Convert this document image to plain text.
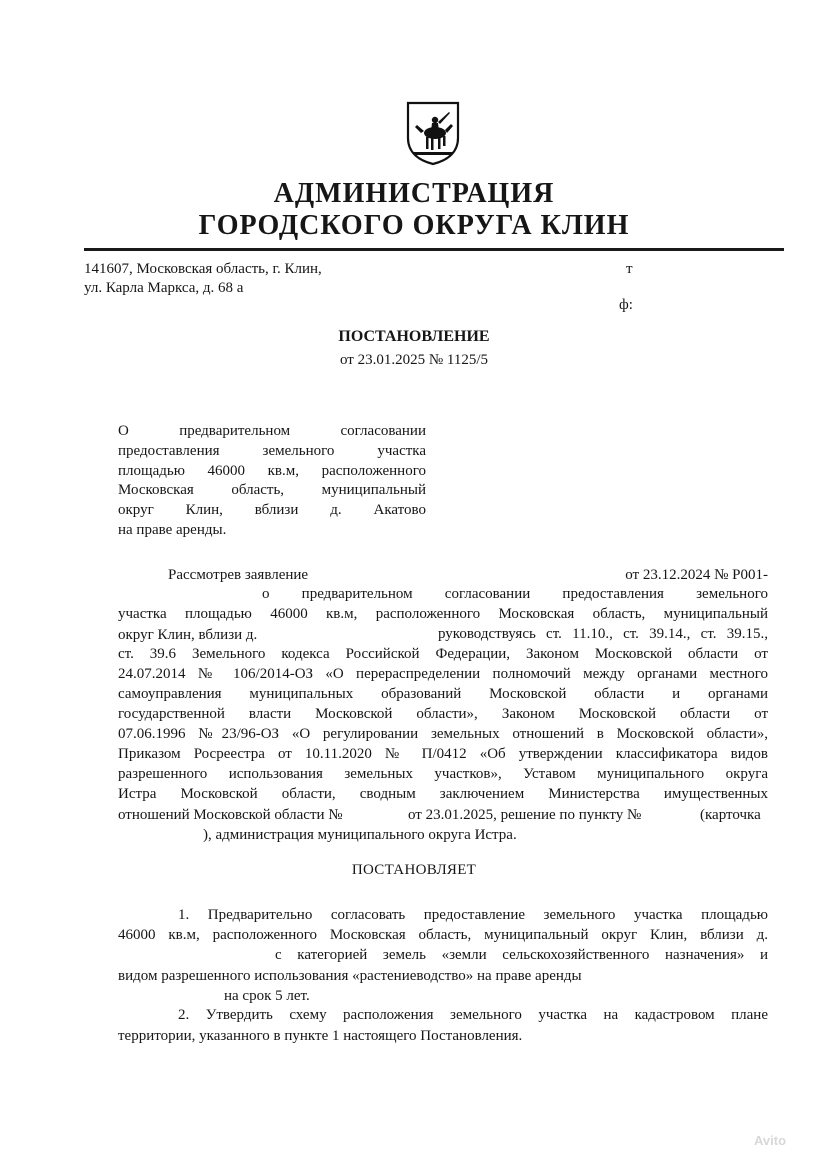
АДМИНИСТРАЦИЯ
ГОРОДСКОГО ОКРУГА КЛИН
141607, Московская область, г. Клин,
ул. Карла Маркса, д. 68 а
т
ф:
ПОСТАНОВЛЕНИЕ
от 23.01.2025 № 1125/5
О предварительном согласовании
предоставления земельного участка
площадью 46000 кв.м, расположенного
Московская область, муниципальный
округ Клин, вблизи д. Акатово
на праве аренды.
Рассмотрев заявление	от 23.12.2024 № Р001-
о предварительном согласовании предоставления земельного
участка площадью 46000 кв.м, расположенного Московская область, муниципальный
округ Клин, вблизи д.	руководствуясь ст. 11.10., ст. 39.14., ст. 39.15.,
ст. 39.6 Земельного кодекса Российской Федерации, Законом Московской области от
24.07.2014 № 106/2014-ОЗ «О перераспределении полномочий между органами местного
самоуправления муниципальных образований Московской области и органами
государственной власти Московской области», Законом Московской области от
07.06.1996 №23/96-ОЗ «О регулировании земельных отношений в Московской области»,
Приказом Росреестра от 10.11.2020 № П/0412 «Об утверждении классификатора видов
разрешенного использования земельных участков», Уставом муниципального округа
Истра Московской области, сводным заключением Министерства имущественных
отношений Московской области №	от 23.01.2025, решение по пункту №	(карточка
), администрация муниципального округа Истра.
ПОСТАНОВЛЯЕТ
1. Предварительно согласовать предоставление земельного участка площадью
46000 кв.м, расположенного Московская область, муниципальный округ Клин, вблизи д.
с категорией земель «земли сельскохозяйственного назначения» и
видом разрешенного использования «растениеводство» на праве аренды
на срок 5 лет.
2. Утвердить схему расположения земельного участка на кадастровом плане
территории, указанного в пункте 1 настоящего Постановления.
Avito
